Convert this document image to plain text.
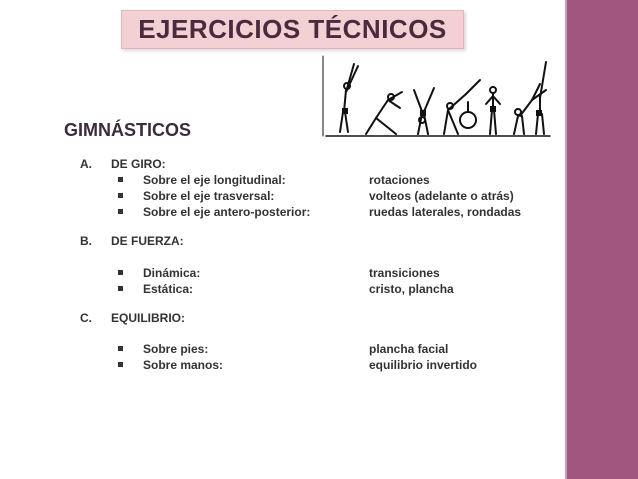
EJERCICIOS TÉCNICOS
GIMNÁSTICOS
A. DE GIRO:
Sobre el eje longitudinal:	rotaciones
Sobre el eje trasversal:	volteos (adelante o atrás)
Sobre el eje antero-posterior:	ruedas laterales, rondadas
B. DE FUERZA:
Dinámica:	transiciones
Estática:	cristo, plancha
C. EQUILIBRIO:
Sobre pies:	plancha facial
Sobre manos:	equilibrio invertido
